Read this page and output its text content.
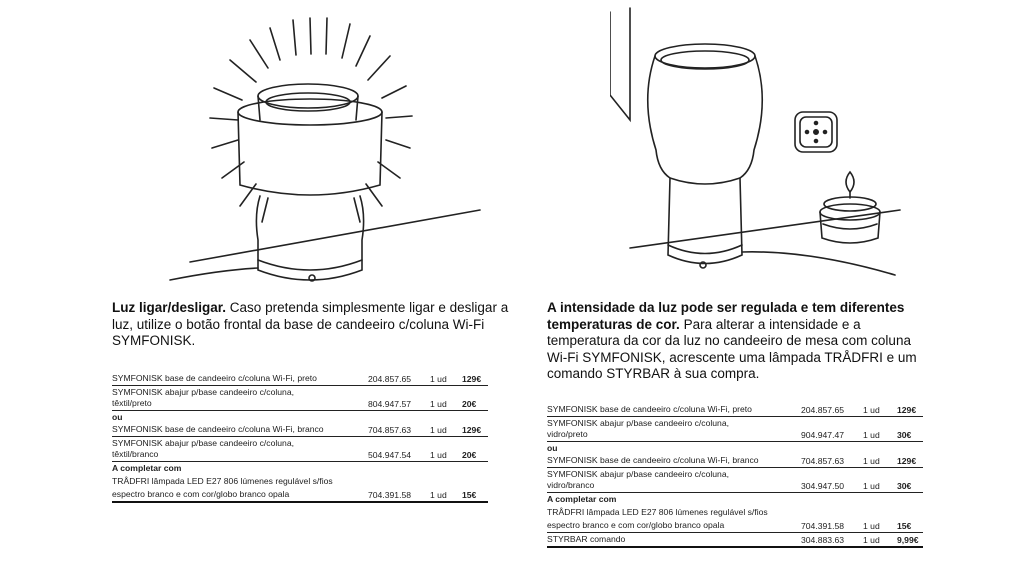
Luz ligar/desligar. Caso pretenda simplesmente ligar e desligar a luz, utilize o botão frontal da base de candeeiro c/coluna Wi-Fi SYMFONISK.
SYMFONISK base de candeeiro c/coluna Wi-Fi, preto	204.857.65 1 ud 129€
SYMFONISK abajur p/base candeeiro c/coluna, têxtil/preto	804.947.57 1 ud 20€
ou
SYMFONISK base de candeeiro c/coluna Wi-Fi, branco	704.857.63 1 ud 129€
SYMFONISK abajur p/base candeeiro c/coluna, têxtil/branco	504.947.54 1 ud 20€
A completar com
TRÅDFRI lâmpada LED E27 806 lúmenes regulável s/fios
espectro branco e com cor/globo branco opala	704.391.58 1 ud 15€
A intensidade da luz pode ser regulada e tem diferentes temperaturas de cor. Para alterar a intensidade e a temperatura da cor da luz no candeeiro de mesa com coluna Wi-Fi SYMFONISK, acrescente uma lâmpada TRÅDFRI e um comando STYRBAR à sua compra.
SYMFONISK base de candeeiro c/coluna Wi-Fi, preto	204.857.65 1 ud 129€
SYMFONISK abajur p/base candeeiro c/coluna, vidro/preto	904.947.47 1 ud 30€
ou
SYMFONISK base de candeeiro c/coluna Wi-Fi, branco	704.857.63 1 ud 129€
SYMFONISK abajur p/base candeeiro c/coluna, vidro/branco	304.947.50 1 ud 30€
A completar com
TRÅDFRI lâmpada LED E27 806 lúmenes regulável s/fios
espectro branco e com cor/globo branco opala	704.391.58 1 ud 15€
STYRBAR comando	304.883.63 1 ud 9,99€
